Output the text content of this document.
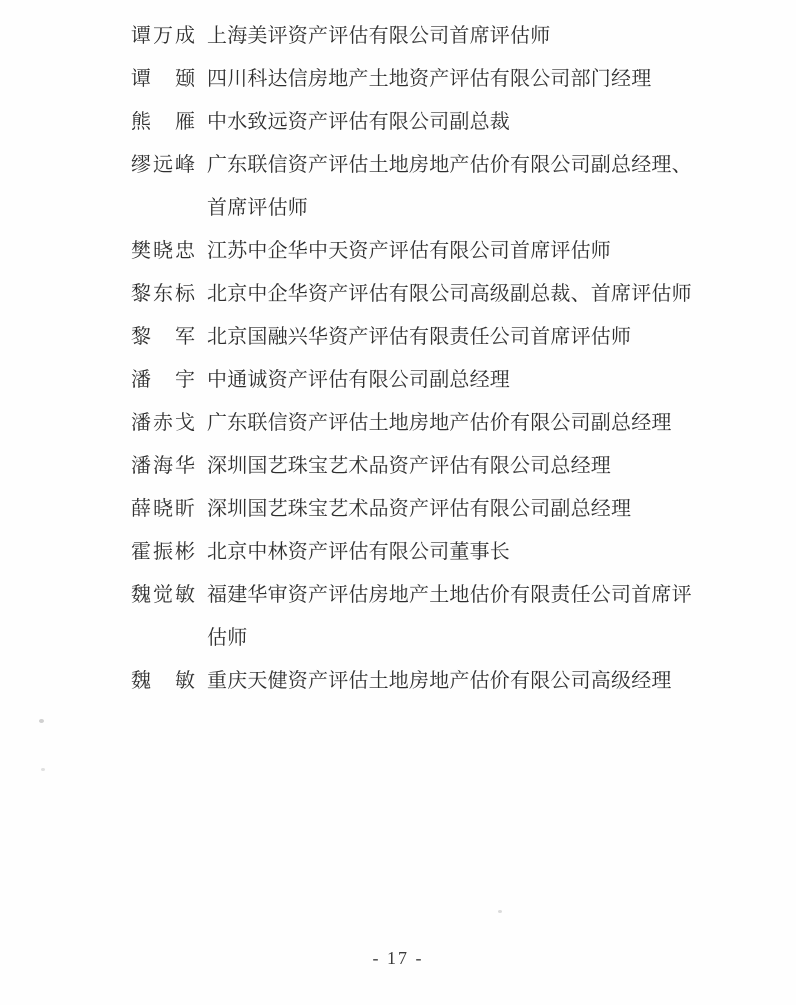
谭万成 上海美评资产评估有限公司首席评估师
谭颋 四川科达信房地产土地资产评估有限公司部门经理
熊雁 中水致远资产评估有限公司副总裁
缪远峰 广东联信资产评估土地房地产估价有限公司副总经理、首席评估师
樊晓忠 江苏中企华中天资产评估有限公司首席评估师
黎东标 北京中企华资产评估有限公司高级副总裁、首席评估师
黎军 北京国融兴华资产评估有限责任公司首席评估师
潘宇 中通诚资产评估有限公司副总经理
潘赤戈 广东联信资产评估土地房地产估价有限公司副总经理
潘海华 深圳国艺珠宝艺术品资产评估有限公司总经理
薛晓盺 深圳国艺珠宝艺术品资产评估有限公司副总经理
霍振彬 北京中林资产评估有限公司董事长
魏觉敏 福建华审资产评估房地产土地估价有限责任公司首席评估师
魏敏 重庆天健资产评估土地房地产估价有限公司高级经理
- 17 -
